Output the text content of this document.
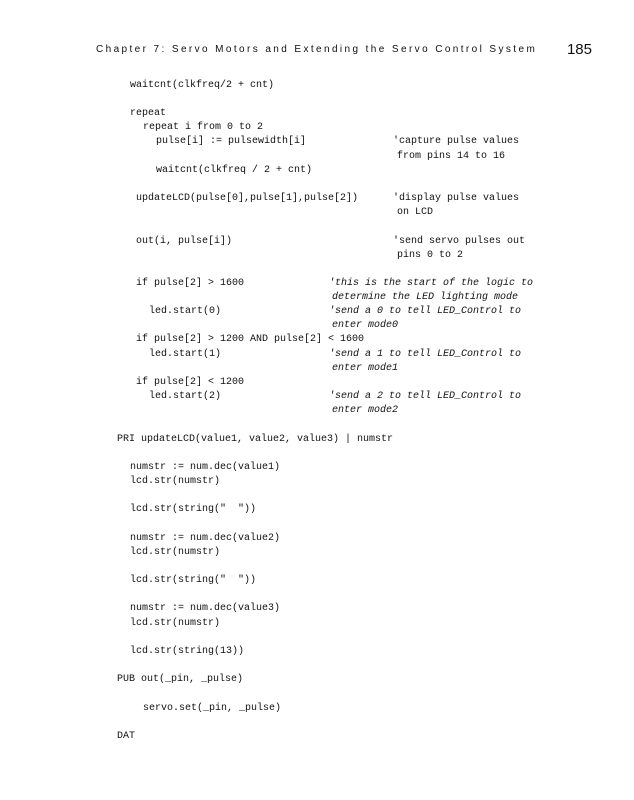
Chapter 7: Servo Motors and Extending the Servo Control System 185
waitcnt(clkfreq/2 + cnt)
repeat
repeat i from 0 to 2
pulse[i] := pulsewidth[i]	'capture pulse values
from pins 14 to 16
waitcnt(clkfreq / 2 + cnt)
updateLCD(pulse[0],pulse[1],pulse[2])	'display pulse values
on LCD
out(i, pulse[i])	'send servo pulses out
pins 0 to 2
if pulse[2] > 1600	'this is the start of the logic to
determine the LED lighting mode
led.start(0)	'send a 0 to tell LED_Control to
enter mode0
if pulse[2] > 1200 AND pulse[2] < 1600
led.start(1)	'send a 1 to tell LED_Control to
enter mode1
if pulse[2] < 1200
led.start(2)	'send a 2 to tell LED_Control to
enter mode2
PRI updateLCD(value1, value2, value3) | numstr
numstr := num.dec(value1)
lcd.str(numstr)
lcd.str(string("  "))
numstr := num.dec(value2)
lcd.str(numstr)
lcd.str(string("  "))
numstr := num.dec(value3)
lcd.str(numstr)
lcd.str(string(13))
PUB out(_pin, _pulse)
servo.set(_pin, _pulse)
DAT
